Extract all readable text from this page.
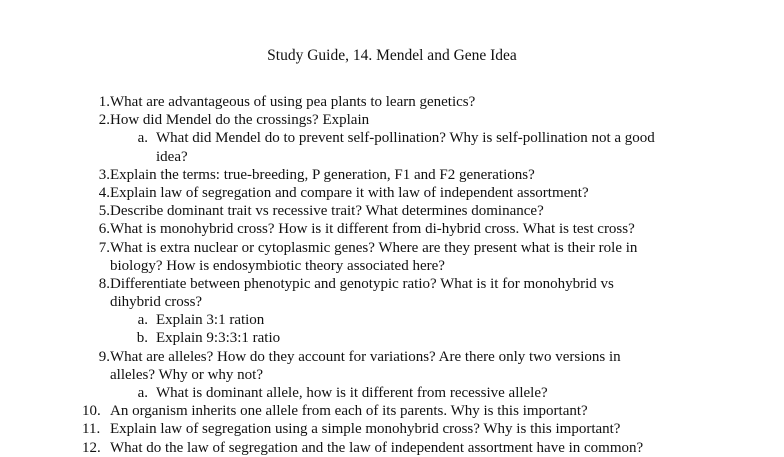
Study Guide, 14. Mendel and Gene Idea
1. What are advantageous of using pea plants to learn genetics?
2. How did Mendel do the crossings? Explain
a. What did Mendel do to prevent self-pollination? Why is self-pollination not a good
idea?
3. Explain the terms: true-breeding, P generation, F1 and F2 generations?
4. Explain law of segregation and compare it with law of independent assortment?
5. Describe dominant trait vs recessive trait? What determines dominance?
6. What is monohybrid cross? How is it different from di-hybrid cross. What is test cross?
7. What is extra nuclear or cytoplasmic genes? Where are they present what is their role in
biology? How is endosymbiotic theory associated here?
8. Differentiate between phenotypic and genotypic ratio? What is it for monohybrid vs
dihybrid cross?
a. Explain 3:1 ration
b. Explain 9:3:3:1 ratio
9. What are alleles? How do they account for variations? Are there only two versions in
alleles? Why or why not?
a. What is dominant allele, how is it different from recessive allele?
10. An organism inherits one allele from each of its parents. Why is this important?
11. Explain law of segregation using a simple monohybrid cross? Why is this important?
12. What do the law of segregation and the law of independent assortment have in common?
